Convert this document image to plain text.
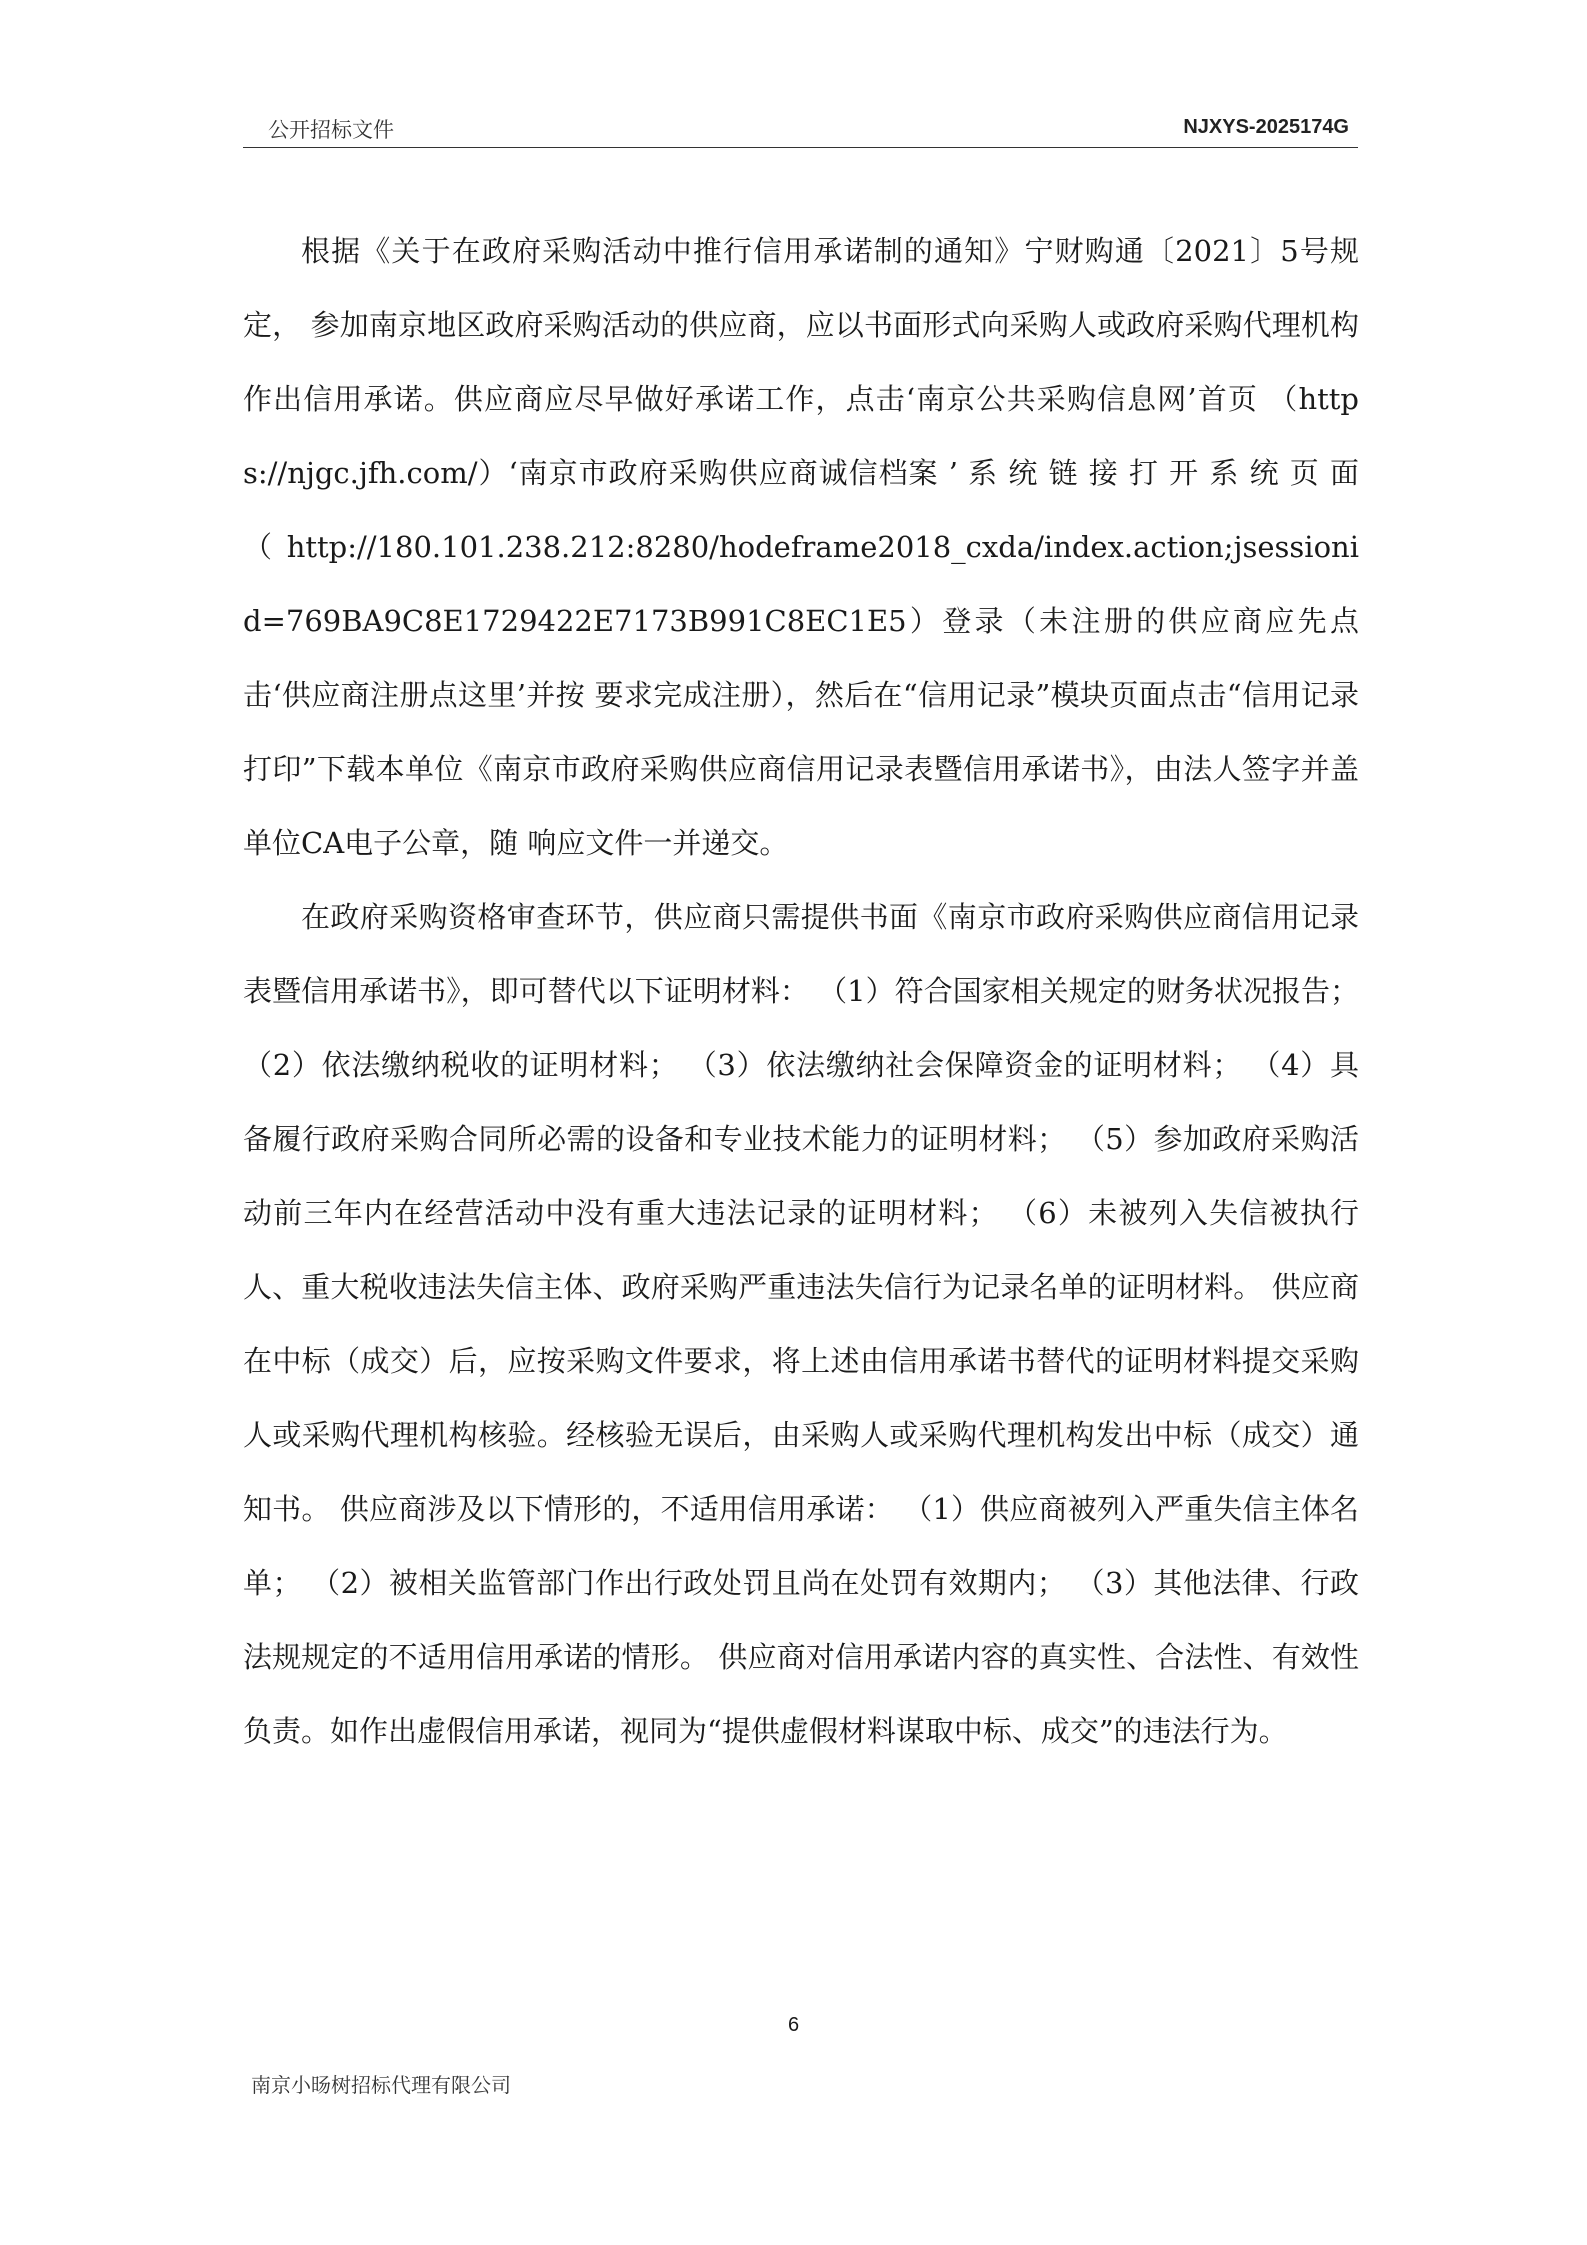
公开招标文件	NJXYS-2025174G

根据《关于在政府采购活动中推行信用承诺制的通知》宁财购通〔2021〕5号规定， 参加南京地区政府采购活动的供应商，应以书面形式向采购人或政府采购代理机构作出信用承诺。供应商应尽早做好承诺工作，点击‘南京公共采购信息网’首页 （https://njgc.jfh.com/）‘南京市政府采购供应商诚信档案 ’ 系 统 链 接 打 开 系 统 页 面（http://180.101.238.212:8280/hodeframe2018_cxda/index.action;jsessionid=769BA9C8E1729422E7173B991C8EC1E5）登录（未注册的供应商应先点击‘供应商注册点这里’并按 要求完成注册），然后在“信用记录”模块页面点击“信用记录打印”下载本单位《南京市政府采购供应商信用记录表暨信用承诺书》，由法人签字并盖单位CA电子公章，随 响应文件一并递交。

在政府采购资格审查环节，供应商只需提供书面《南京市政府采购供应商信用记录表暨信用承诺书》，即可替代以下证明材料： （1）符合国家相关规定的财务状况报告； （2）依法缴纳税收的证明材料； （3）依法缴纳社会保障资金的证明材料； （4）具备履行政府采购合同所必需的设备和专业技术能力的证明材料； （5）参加政府采购活动前三年内在经营活动中没有重大违法记录的证明材料； （6）未被列入失信被执行人、重大税收违法失信主体、政府采购严重违法失信行为记录名单的证明材料。 供应商在中标（成交）后，应按采购文件要求，将上述由信用承诺书替代的证明材料提交采购人或采购代理机构核验。经核验无误后，由采购人或采购代理机构发出中标（成交）通知书。 供应商涉及以下情形的，不适用信用承诺： （1）供应商被列入严重失信主体名单； （2）被相关监管部门作出行政处罚且尚在处罚有效期内； （3）其他法律、行政法规规定的不适用信用承诺的情形。 供应商对信用承诺内容的真实性、合法性、有效性负责。如作出虚假信用承诺，视同为“提供虚假材料谋取中标、成交”的违法行为。

6
南京小旸树招标代理有限公司
